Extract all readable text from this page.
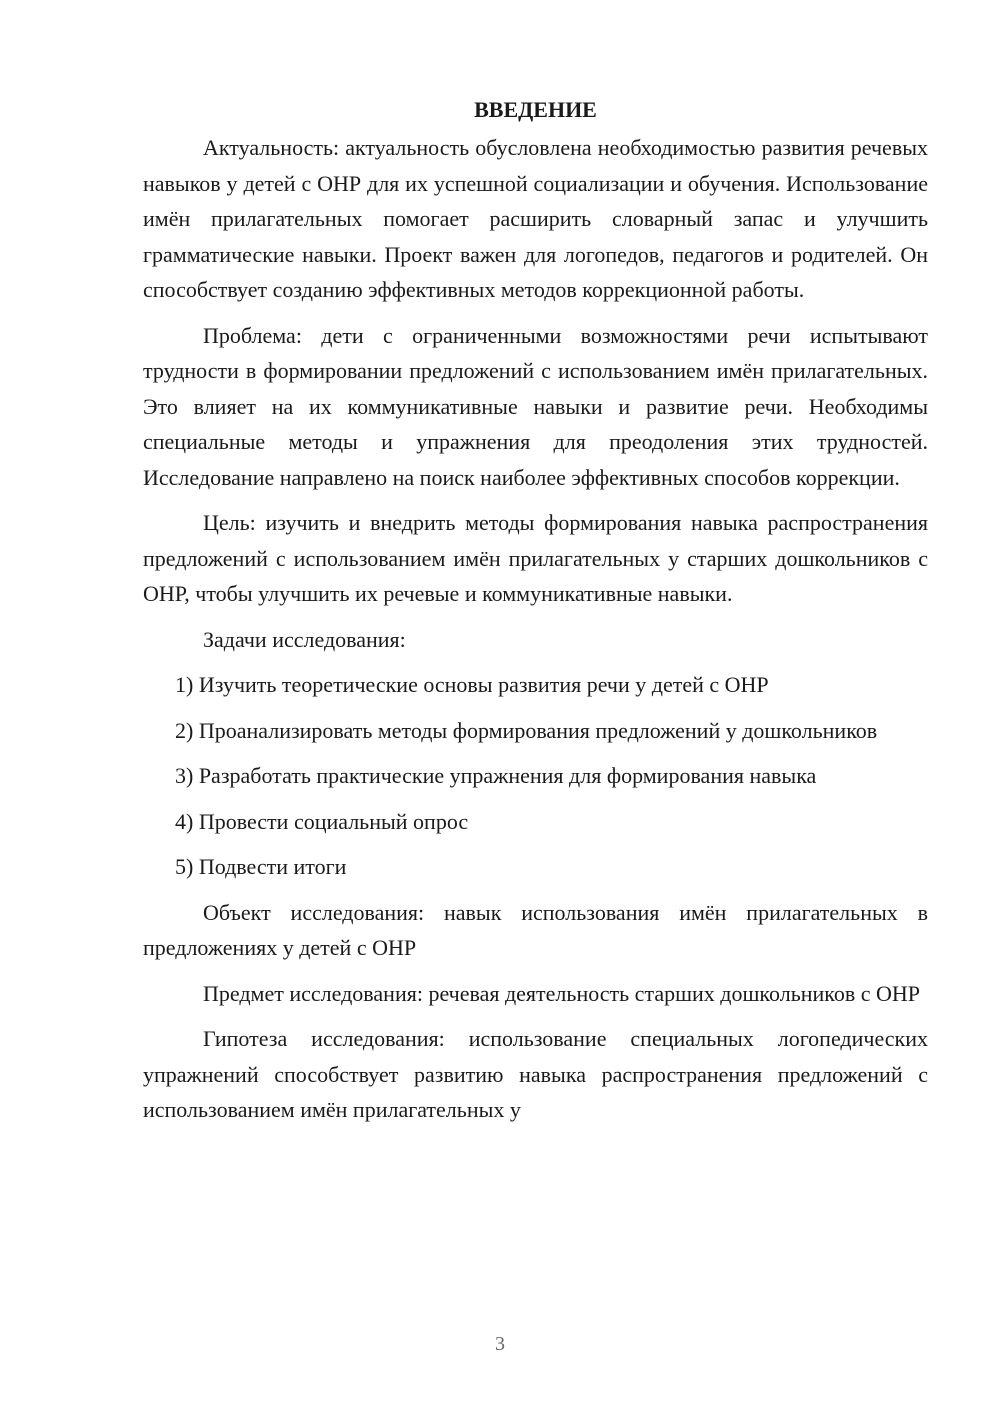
ВВЕДЕНИЕ

Актуальность: актуальность обусловлена необходимостью развития речевых навыков у детей с ОНР для их успешной социализации и обучения. Использование имён прилагательных помогает расширить словарный запас и улучшить грамматические навыки. Проект важен для логопедов, педагогов и родителей. Он способствует созданию эффективных методов коррекционной работы.

Проблема: дети с ограниченными возможностями речи испытывают трудности в формировании предложений с использованием имён прилагательных. Это влияет на их коммуникативные навыки и развитие речи. Необходимы специальные методы и упражнения для преодоления этих трудностей. Исследование направлено на поиск наиболее эффективных способов коррекции.

Цель: изучить и внедрить методы формирования навыка распространения предложений с использованием имён прилагательных у старших дошкольников с ОНР, чтобы улучшить их речевые и коммуникативные навыки.

Задачи исследования:

1) Изучить теоретические основы развития речи у детей с ОНР

2) Проанализировать методы формирования предложений у дошкольников

3) Разработать практические упражнения для формирования навыка

4) Провести социальный опрос

5) Подвести итоги

Объект исследования: навык использования имён прилагательных в предложениях у детей с ОНР

Предмет исследования: речевая деятельность старших дошкольников с ОНР

Гипотеза исследования: использование специальных логопедических упражнений способствует развитию навыка распространения предложений с использованием имён прилагательных у

3
